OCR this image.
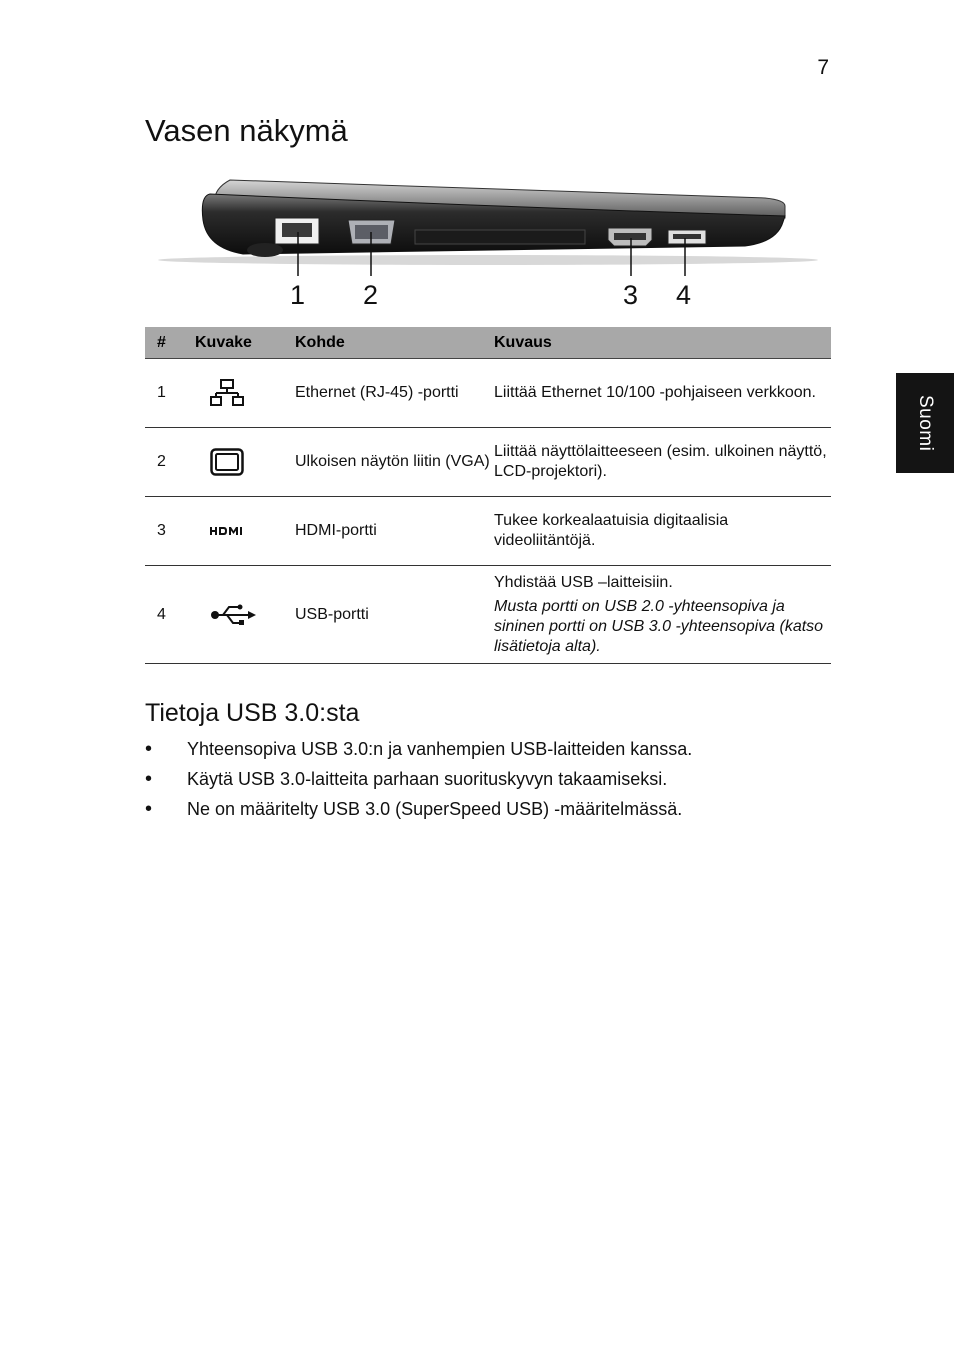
7
Suomi
Vasen näkymä
1 2	3 4
#	Kuvake	Kohde	Kuvaus
1		Ethernet (RJ-45) -portti	Liittää Ethernet 10/100 -pohjaiseen verkkoon.
2		Ulkoisen näytön liitin (VGA)	Liittää näyttölaitteeseen (esim. ulkoinen näyttö, LCD-projektori).
3		HDMI-portti	Tukee korkealaatuisia digitaalisia videoliitäntöjä.
4		USB-portti	Yhdistää USB –laitteisiin.
Musta portti on USB 2.0 -yhteensopiva ja sininen portti on USB 3.0 -yhteensopiva (katso lisätietoja alta).
Tietoja USB 3.0:sta
• Yhteensopiva USB 3.0:n ja vanhempien USB-laitteiden kanssa.
• Käytä USB 3.0-laitteita parhaan suorituskyvyn takaamiseksi.
• Ne on määritelty USB 3.0 (SuperSpeed USB) -määritelmässä.
